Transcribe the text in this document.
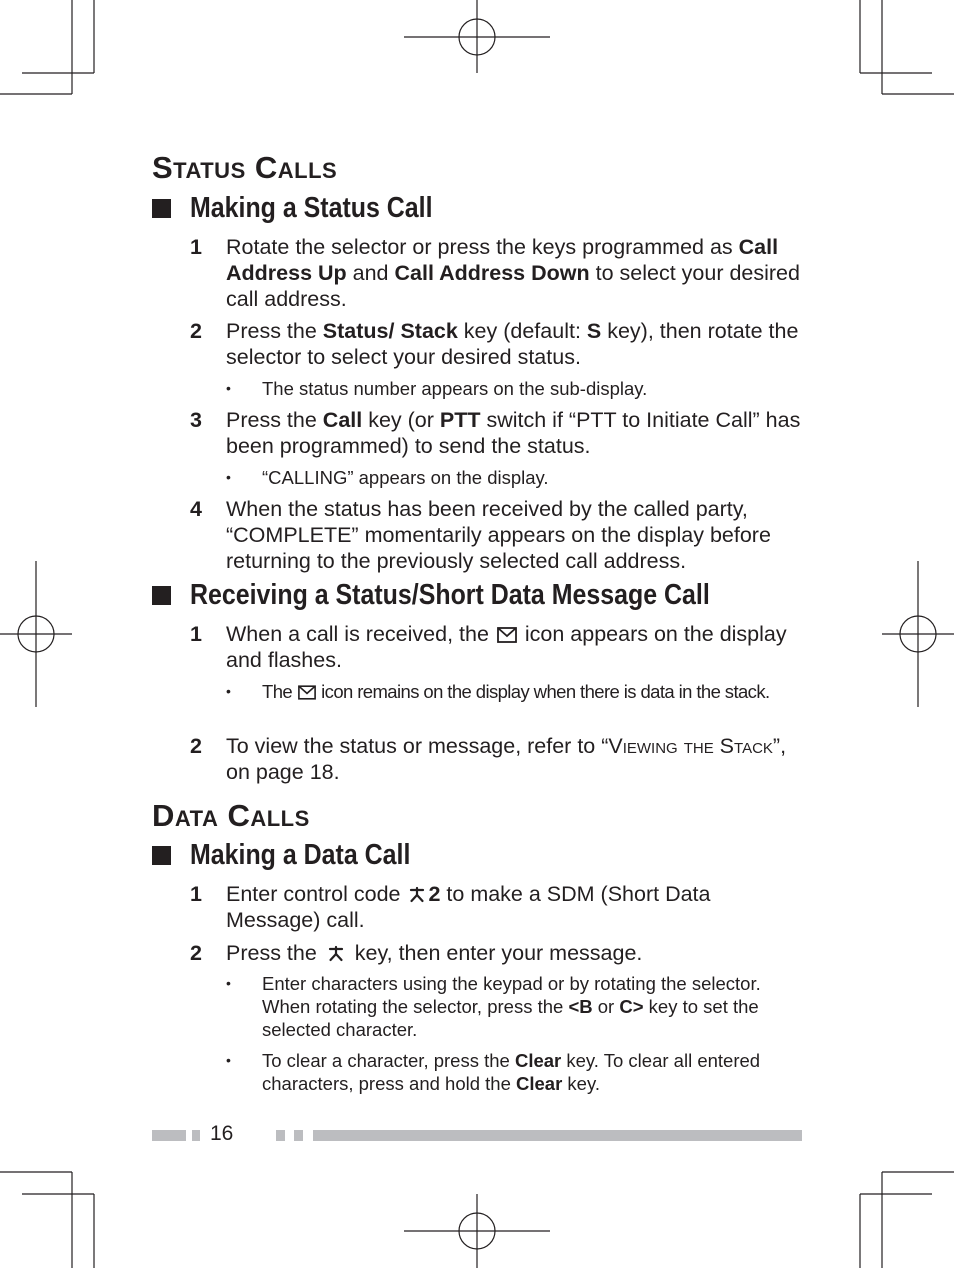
Status Calls
Making a Status Call
1 Rotate the selector or press the keys programmed as Call Address Up and Call Address Down to select your desired call address.
2 Press the Status/ Stack key (default: S key), then rotate the selector to select your desired status.
• The status number appears on the sub-display.
3 Press the Call key (or PTT switch if “PTT to Initiate Call” has been programmed) to send the status.
• “CALLING” appears on the display.
4 When the status has been received by the called party, “COMPLETE” momentarily appears on the display before returning to the previously selected call address.
Receiving a Status/Short Data Message Call
1 When a call is received, the  icon appears on the display and flashes.
• The  icon remains on the display when there is data in the stack.
2 To view the status or message, refer to “Viewing the Stack”, on page 18.
Data Calls
Making a Data Call
1 Enter control code 2 to make a SDM (Short Data Message) call.
2 Press the  key, then enter your message.
• Enter characters using the keypad or by rotating the selector. When rotating the selector, press the <B or C> key to set the selected character.
• To clear a character, press the Clear key. To clear all entered characters, press and hold the Clear key.
16
